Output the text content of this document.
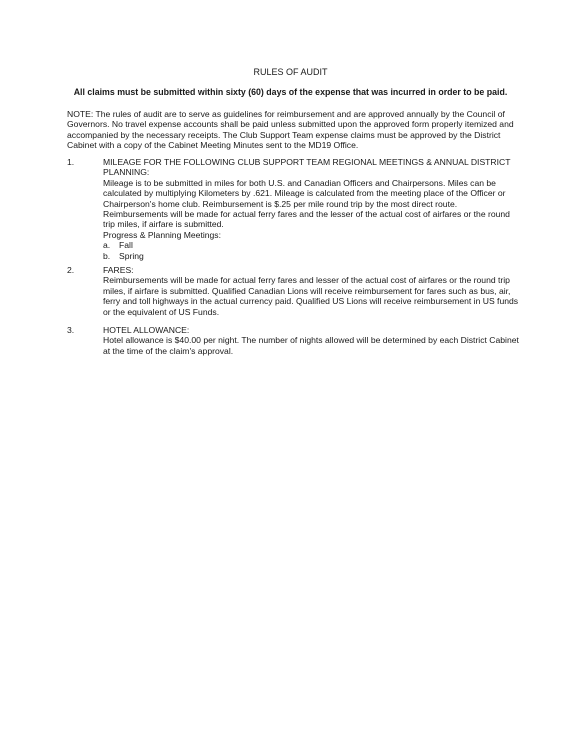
RULES OF AUDIT
All claims must be submitted within sixty (60) days of the expense that was incurred in order to be paid.

NOTE: The rules of audit are to serve as guidelines for reimbursement and are approved annually by the Council of Governors. No travel expense accounts shall be paid unless submitted upon the approved form properly itemized and accompanied by the necessary receipts. The Club Support Team expense claims must be approved by the District Cabinet with a copy of the Cabinet Meeting Minutes sent to the MD19 Office.

1.	MILEAGE FOR THE FOLLOWING CLUB SUPPORT TEAM REGIONAL MEETINGS & ANNUAL DISTRICT PLANNING:

Mileage is to be submitted in miles for both U.S. and Canadian Officers and Chairpersons. Miles can be calculated by multiplying Kilometers by .621. Mileage is calculated from the meeting place of the Officer or Chairperson's home club. Reimbursement is $.25 per mile round trip by the most direct route. Reimbursements will be made for actual ferry fares and the lesser of the actual cost of airfares or the round trip miles, if airfare is submitted.

Progress & Planning Meetings:

a. Fall
b. Spring
2.	FARES:

Reimbursements will be made for actual ferry fares and lesser of the actual cost of airfares or the round trip miles, if airfare is submitted. Qualified Canadian Lions will receive reimbursement for fares such as bus, air, ferry and toll highways in the actual currency paid. Qualified US Lions will receive reimbursement in US funds or the equivalent of US Funds.

3.	HOTEL ALLOWANCE:

Hotel allowance is $40.00 per night. The number of nights allowed will be determined by each District Cabinet at the time of the claim's approval.
